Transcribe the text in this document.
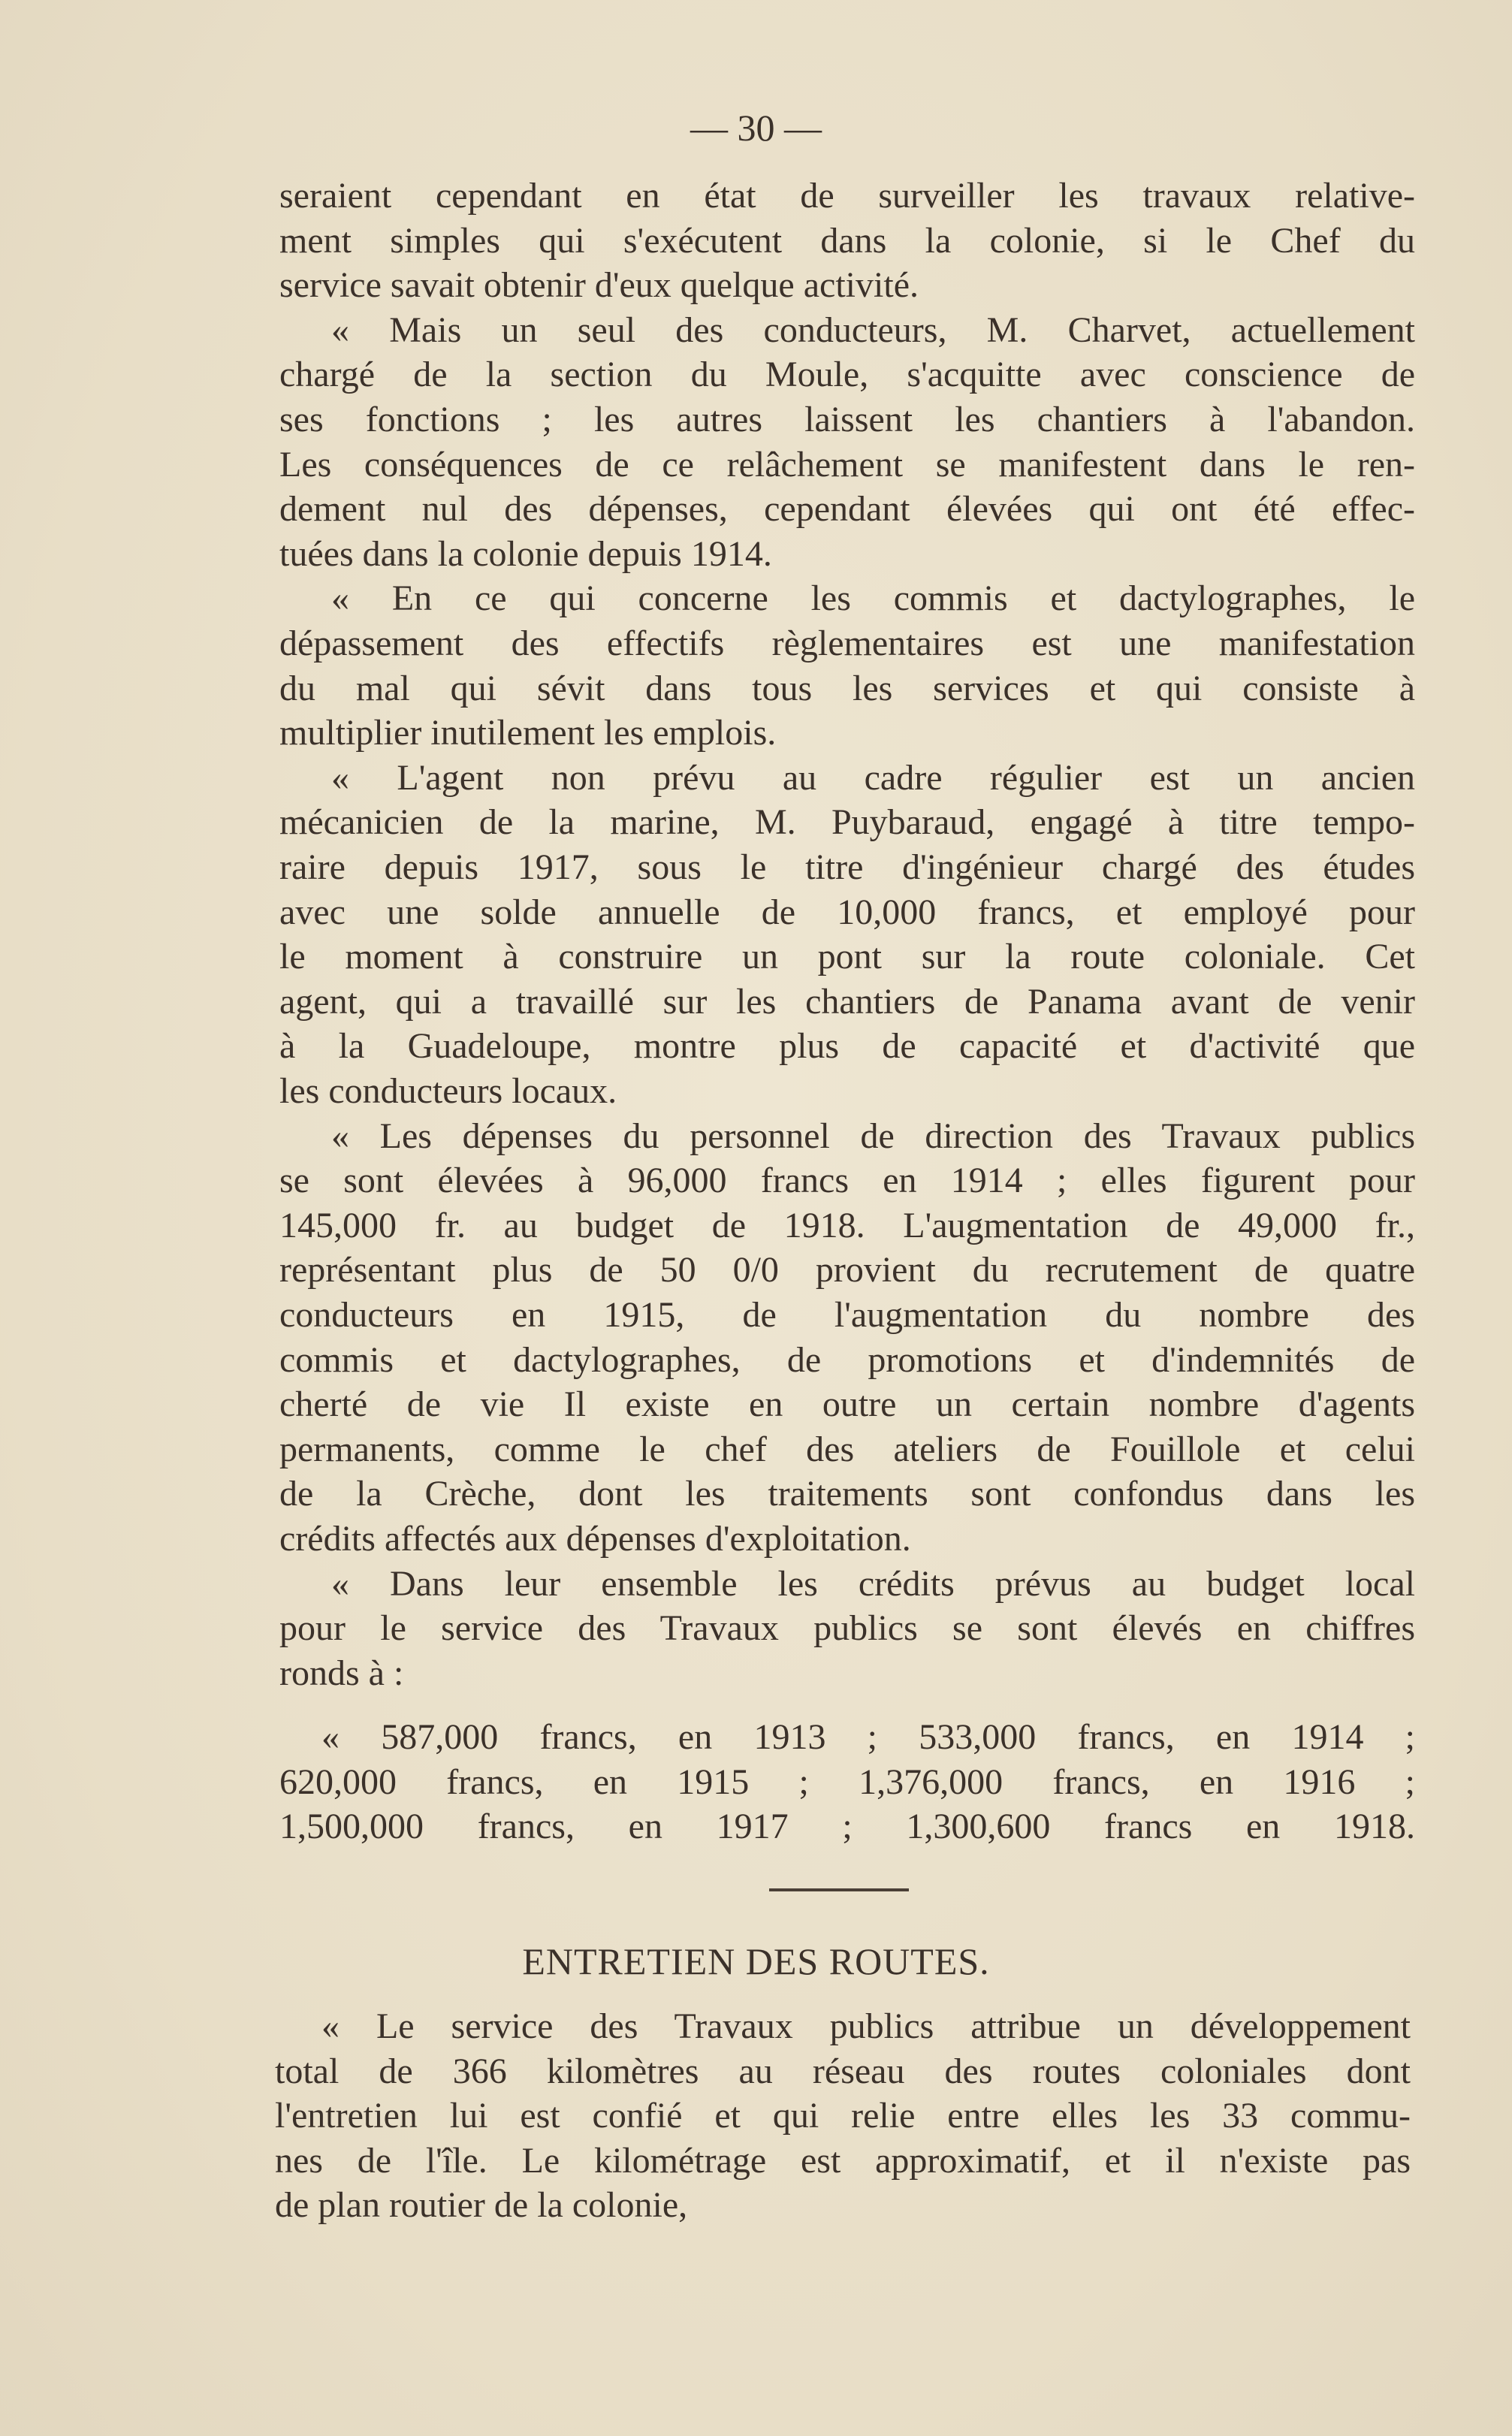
— 30 —
seraient cependant en état de surveiller les travaux relative-
ment simples qui s'exécutent dans la colonie, si le Chef du
service savait obtenir d'eux quelque activité.
« Mais un seul des conducteurs, M. Charvet, actuellement
chargé de la section du Moule, s'acquitte avec conscience de
ses fonctions ; les autres laissent les chantiers à l'abandon.
Les conséquences de ce relâchement se manifestent dans le ren-
dement nul des dépenses, cependant élevées qui ont été effec-
tuées dans la colonie depuis 1914.
« En ce qui concerne les commis et dactylographes, le
dépassement des effectifs règlementaires est une manifestation
du mal qui sévit dans tous les services et qui consiste à
multiplier inutilement les emplois.
« L'agent non prévu au cadre régulier est un ancien
mécanicien de la marine, M. Puybaraud, engagé à titre tempo-
raire depuis 1917, sous le titre d'ingénieur chargé des études
avec une solde annuelle de 10,000 francs, et employé pour
le moment à construire un pont sur la route coloniale. Cet
agent, qui a travaillé sur les chantiers de Panama avant de venir
à la Guadeloupe, montre plus de capacité et d'activité que
les conducteurs locaux.
« Les dépenses du personnel de direction des Travaux publics
se sont élevées à 96,000 francs en 1914 ; elles figurent pour
145,000 fr. au budget de 1918. L'augmentation de 49,000 fr.,
représentant plus de 50 0/0 provient du recrutement de quatre
conducteurs en 1915, de l'augmentation du nombre des
commis et dactylographes, de promotions et d'indemnités de
cherté de vie Il existe en outre un certain nombre d'agents
permanents, comme le chef des ateliers de Fouillole et celui
de la Crèche, dont les traitements sont confondus dans les
crédits affectés aux dépenses d'exploitation.
« Dans leur ensemble les crédits prévus au budget local
pour le service des Travaux publics se sont élevés en chiffres
ronds à :
« 587,000 francs, en 1913 ; 533,000 francs, en 1914 ;
620,000 francs, en 1915 ; 1,376,000 francs, en 1916 ;
1,500,000 francs, en 1917 ; 1,300,600 francs en 1918.
ENTRETIEN DES ROUTES.
« Le service des Travaux publics attribue un développement
total de 366 kilomètres au réseau des routes coloniales dont
l'entretien lui est confié et qui relie entre elles les 33 commu-
nes de l'île. Le kilométrage est approximatif, et il n'existe pas
de plan routier de la colonie,
